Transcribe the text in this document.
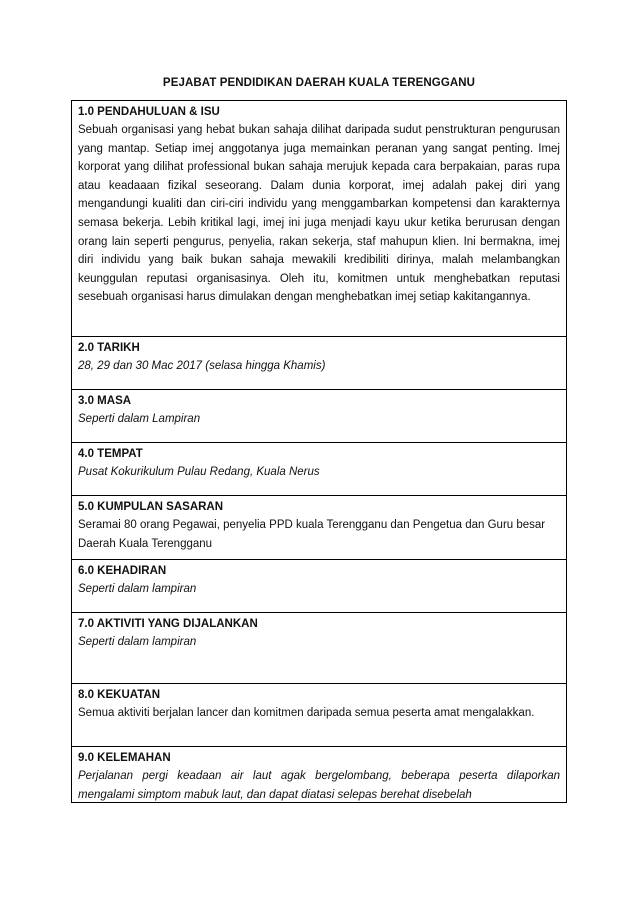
PEJABAT PENDIDIKAN DAERAH KUALA TERENGGANU
1.0 PENDAHULUAN & ISU

Sebuah organisasi yang hebat bukan sahaja dilihat daripada sudut penstrukturan pengurusan yang mantap. Setiap imej anggotanya juga memainkan peranan yang sangat penting. Imej korporat yang dilihat professional bukan sahaja merujuk kepada cara berpakaian, paras rupa atau keadaaan fizikal seseorang. Dalam dunia korporat, imej adalah pakej diri yang mengandungi kualiti dan ciri-ciri individu yang menggambarkan kompetensi dan karakternya semasa bekerja. Lebih kritikal lagi, imej ini juga menjadi kayu ukur ketika berurusan dengan orang lain seperti pengurus, penyelia, rakan sekerja, staf mahupun klien. Ini bermakna, imej diri individu yang baik bukan sahaja mewakili kredibiliti dirinya, malah melambangkan keunggulan reputasi organisasinya. Oleh itu, komitmen untuk menghebatkan reputasi sesebuah organisasi harus dimulakan dengan menghebatkan imej setiap kakitangannya.

2.0 TARIKH

28, 29 dan 30 Mac 2017 (selasa hingga Khamis)

3.0 MASA

Seperti dalam Lampiran

4.0 TEMPAT

Pusat Kokurikulum Pulau Redang, Kuala Nerus

5.0 KUMPULAN SASARAN

Seramai 80 orang Pegawai, penyelia PPD kuala Terengganu dan Pengetua dan Guru besar Daerah Kuala Terengganu

6.0 KEHADIRAN

Seperti dalam lampiran

7.0 AKTIVITI YANG DIJALANKAN

Seperti dalam lampiran

8.0 KEKUATAN

Semua aktiviti berjalan lancer dan komitmen daripada semua peserta amat mengalakkan.

9.0 KELEMAHAN

Perjalanan pergi keadaan air laut agak bergelombang, beberapa peserta dilaporkan mengalami simptom mabuk laut, dan dapat diatasi selepas berehat disebelah
